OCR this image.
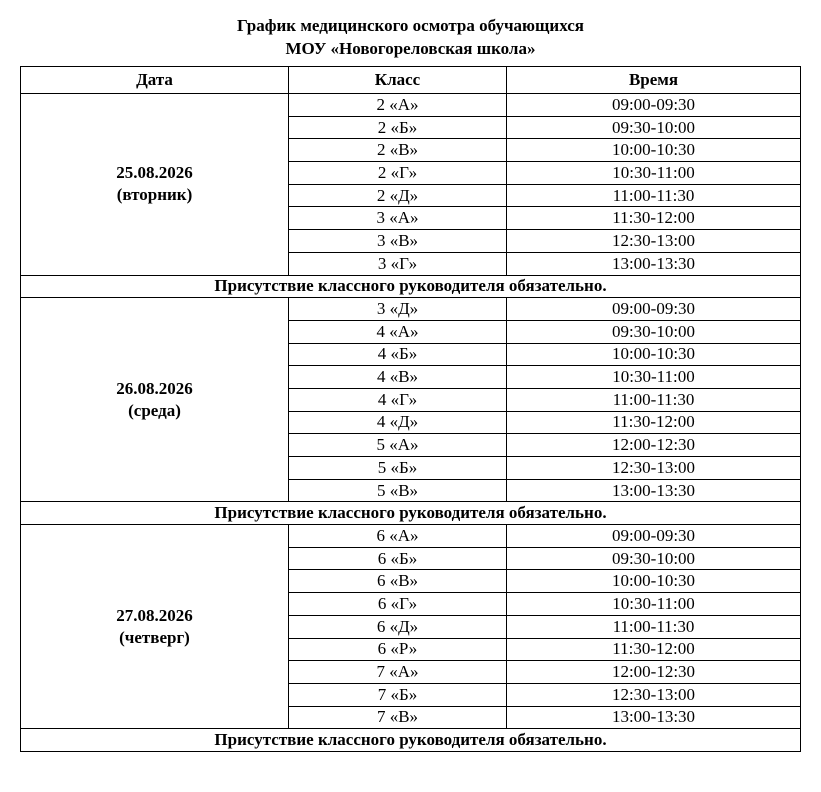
График медицинского осмотра обучающихся
МОУ «Новогореловская школа»
Дата	Класс	Время

25.08.2026
(вторник)	2 «А»	09:00-09:30
	2 «Б»	09:30-10:00
	2 «В»	10:00-10:30
	2 «Г»	10:30-11:00
	2 «Д»	11:00-11:30
	3 «А»	11:30-12:00
	3 «В»	12:30-13:00
	3 «Г»	13:00-13:30
Присутствие классного руководителя обязательно.		

26.08.2026
(среда)	3 «Д»	09:00-09:30
	4 «А»	09:30-10:00
	4 «Б»	10:00-10:30
	4 «В»	10:30-11:00
	4 «Г»	11:00-11:30
	4 «Д»	11:30-12:00
	5 «А»	12:00-12:30
	5 «Б»	12:30-13:00
	5 «В»	13:00-13:30
Присутствие классного руководителя обязательно.		

27.08.2026
(четверг)	6 «А»	09:00-09:30
	6 «Б»	09:30-10:00
	6 «В»	10:00-10:30
	6 «Г»	10:30-11:00
	6 «Д»	11:00-11:30
	6 «Р»	11:30-12:00
	7 «А»	12:00-12:30
	7 «Б»	12:30-13:00
	7 «В»	13:00-13:30
Присутствие классного руководителя обязательно.		
